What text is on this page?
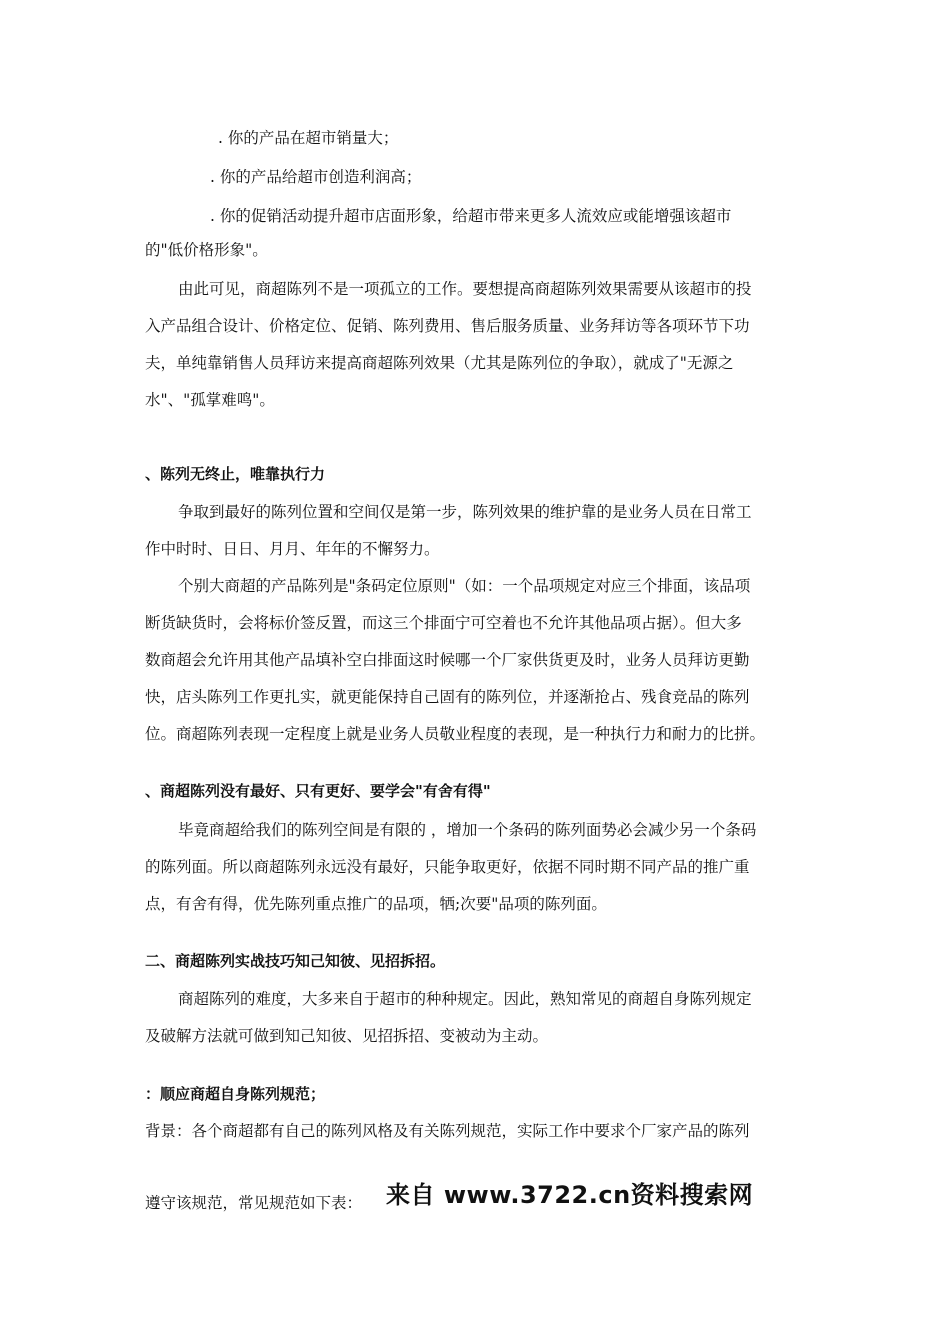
. 你的产品在超市销量大；
. 你的产品给超市创造利润高；
. 你的促销活动提升超市店面形象，给超市带来更多人流效应或能增强该超市
的"低价格形象"。
由此可见，商超陈列不是一项孤立的工作。要想提高商超陈列效果需要从该超市的投
入产品组合设计、价格定位、促销、陈列费用、售后服务质量、业务拜访等各项环节下功
夫，单纯靠销售人员拜访来提高商超陈列效果（尤其是陈列位的争取），就成了"无源之
水"、"孤掌难鸣"。
、陈列无终止，唯靠执行力
争取到最好的陈列位置和空间仅是第一步，陈列效果的维护靠的是业务人员在日常工
作中时时、日日、月月、年年的不懈努力。
个别大商超的产品陈列是"条码定位原则"（如：一个品项规定对应三个排面，该品项
断货缺货时，会将标价签反置，而这三个排面宁可空着也不允许其他品项占据）。但大多
数商超会允许用其他产品填补空白排面这时候哪一个厂家供货更及时，业务人员拜访更勤
快，店头陈列工作更扎实，就更能保持自己固有的陈列位，并逐渐抢占、残食竞品的陈列
位。商超陈列表现一定程度上就是业务人员敬业程度的表现，是一种执行力和耐力的比拼。
、商超陈列没有最好、只有更好、要学会"有舍有得"
毕竟商超给我们的陈列空间是有限的 ，增加一个条码的陈列面势必会减少另一个条码
的陈列面。所以商超陈列永远没有最好，只能争取更好，依据不同时期不同产品的推广重
点，有舍有得，优先陈列重点推广的品项，牺;次要"品项的陈列面。
二、商超陈列实战技巧知己知彼、见招拆招。
商超陈列的难度，大多来自于超市的种种规定。因此，熟知常见的商超自身陈列规定
及破解方法就可做到知己知彼、见招拆招、变被动为主动。
：顺应商超自身陈列规范；
背景：各个商超都有自己的陈列风格及有关陈列规范，实际工作中要求个厂家产品的陈列
遵守该规范，常见规范如下表： 来自 www.3722.cn资料搜索网
